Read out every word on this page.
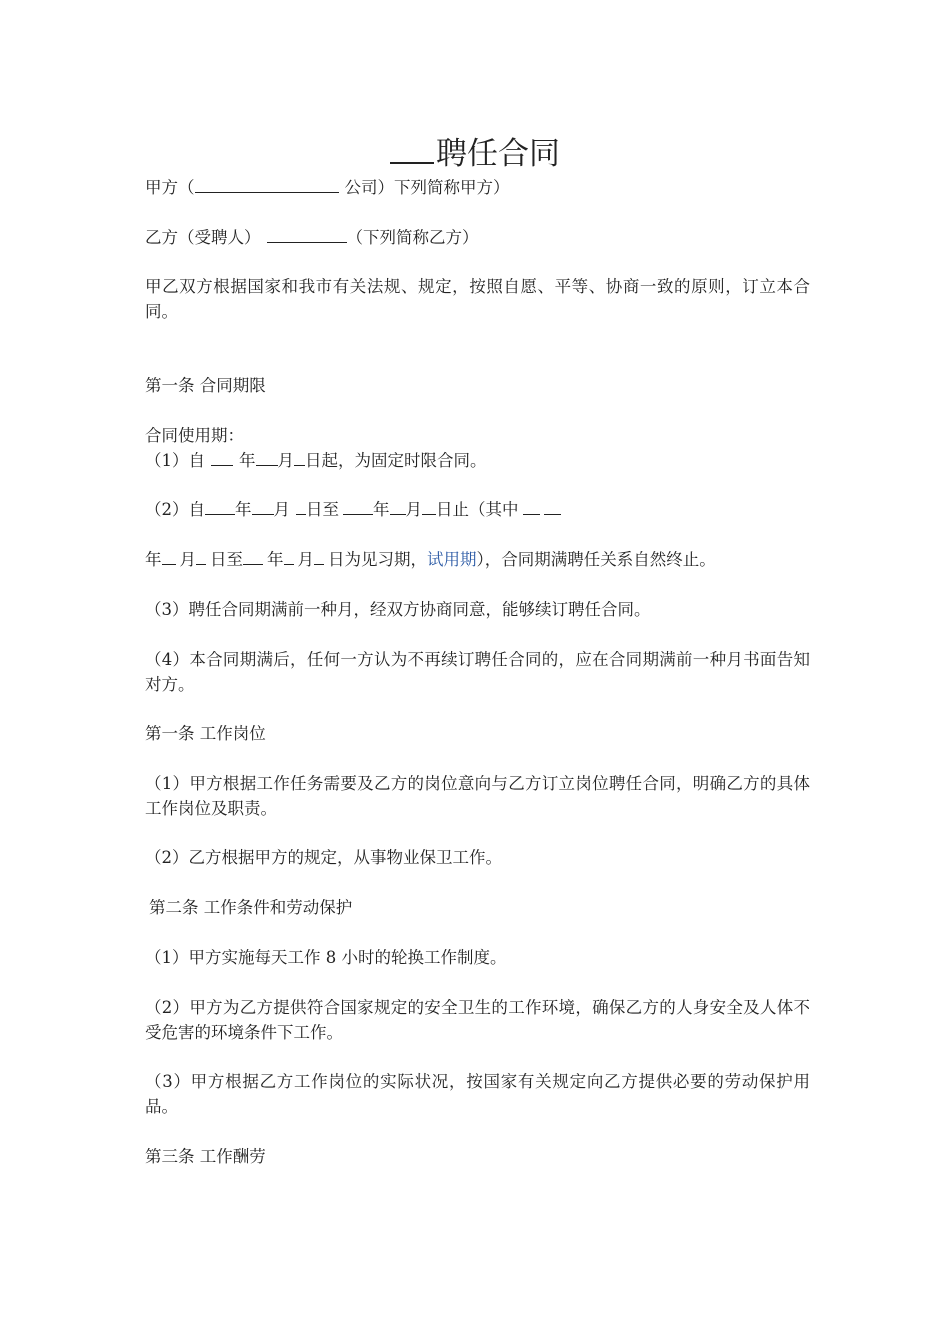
聘任合同
甲方（	公司）下列简称甲方）
乙方（受聘人）	（下列简称乙方）
甲乙双方根据国家和我市有关法规、规定，按照自愿、平等、协商一致的原则，订立本合同。
第一条 合同期限
合同使用期：
（1）自 年 月 日起，为固定时限合同。
（2）自 年 月 日至 年 月 日止（其中
年 月 日至 年 月 日为见习期，试用期），合同期满聘任关系自然终止。
（3）聘任合同期满前一种月，经双方协商同意，能够续订聘任合同。
（4）本合同期满后，任何一方认为不再续订聘任合同的，应在合同期满前一种月书面告知对方。
第一条 工作岗位
（1）甲方根据工作任务需要及乙方的岗位意向与乙方订立岗位聘任合同，明确乙方的具体工作岗位及职责。
（2）乙方根据甲方的规定，从事物业保卫工作。
第二条 工作条件和劳动保护
（1）甲方实施每天工作 8 小时的轮换工作制度。
（2）甲方为乙方提供符合国家规定的安全卫生的工作环境，确保乙方的人身安全及人体不受危害的环境条件下工作。
（3）甲方根据乙方工作岗位的实际状况，按国家有关规定向乙方提供必要的劳动保护用品。
第三条 工作酬劳
